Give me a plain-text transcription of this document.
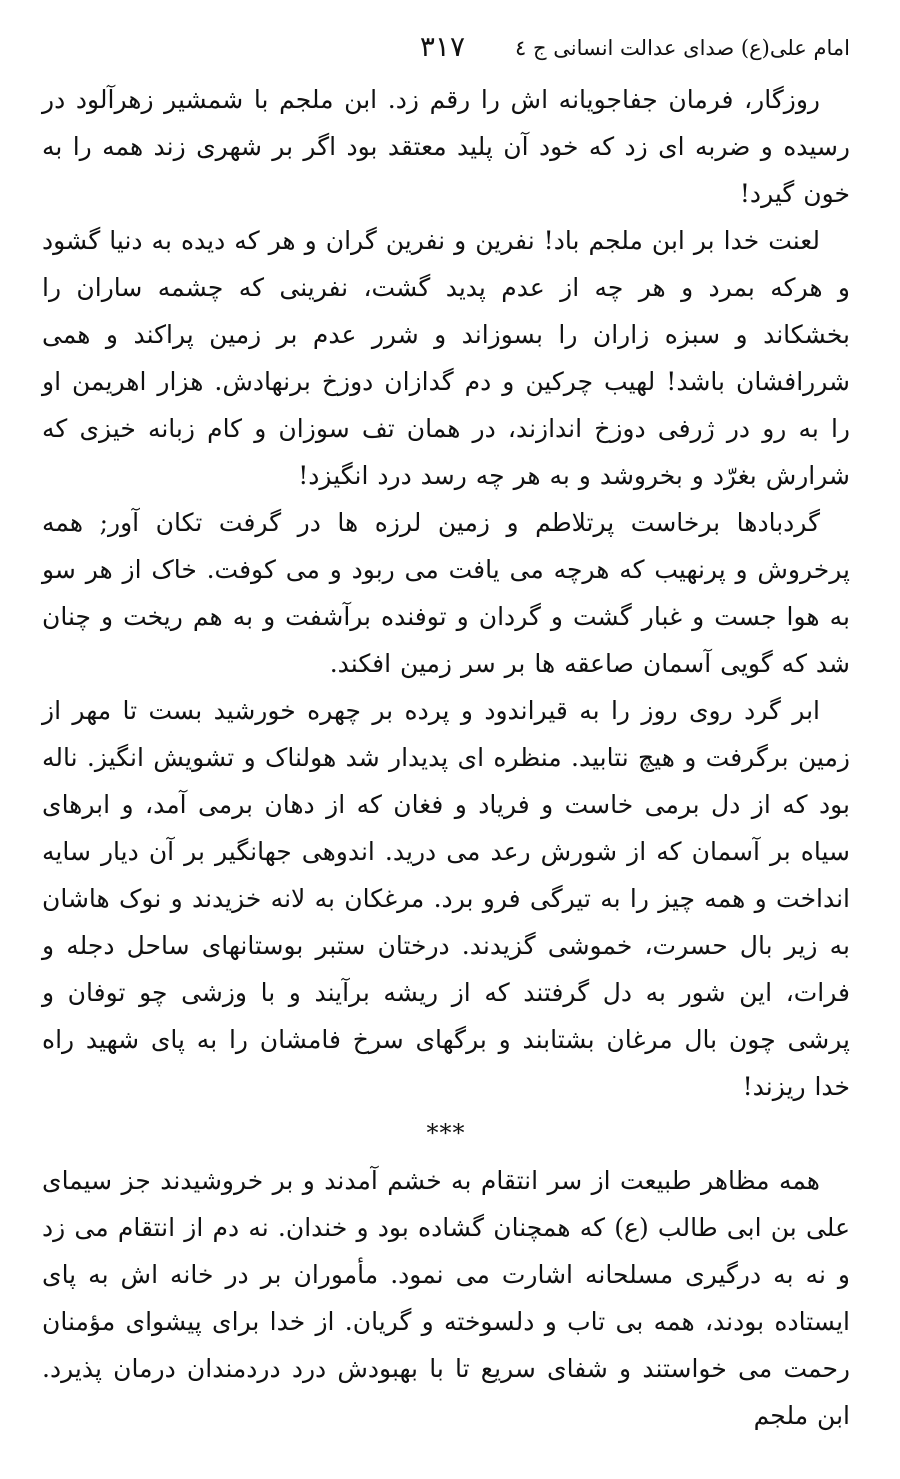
امام علی(ع) صدای عدالت انسانی ج ٤
٣١٧

روزگار، فرمان جفاجویانه اش را رقم زد. ابن ملجم با شمشیر زهرآلود در رسیده و ضربه ای زد که خود آن پلید معتقد بود اگر بر شهری زند همه را به خون گیرد!

لعنت خدا بر ابن ملجم باد! نفرین و نفرین گران و هر که دیده به دنیا گشود و هرکه بمرد و هر چه از عدم پدید گشت، نفرینی که چشمه ساران را بخشکاند و سبزه زاران را بسوزاند و شرر عدم بر زمین پراکند و همی شررافشان باشد! لهیب چرکین و دم گدازان دوزخ برنهادش. هزار اهریمن او را به رو در ژرفی دوزخ اندازند، در همان تف سوزان و کام زبانه خیزی که شرارش بغرّد و بخروشد و به هر چه رسد درد انگیزد!

گردبادها برخاست پرتلاطم و زمین لرزه ها در گرفت تکان آور; همه پرخروش و پرنهیب که هرچه می یافت می ربود و می کوفت. خاک از هر سو به هوا جست و غبار گشت و گردان و توفنده برآشفت و به هم ریخت و چنان شد که گویی آسمان صاعقه ها بر سر زمین افکند.

ابر گرد روی روز را به قیراندود و پرده بر چهره خورشید بست تا مهر از زمین برگرفت و هیچ نتابید. منظره ای پدیدار شد هولناک و تشویش انگیز. ناله بود که از دل برمی خاست و فریاد و فغان که از دهان برمی آمد، و ابرهای سیاه بر آسمان که از شورش رعد می درید. اندوهی جهانگیر بر آن دیار سایه انداخت و همه چیز را به تیرگی فرو برد. مرغکان به لانه خزیدند و نوک هاشان به زیر بال حسرت، خموشی گزیدند. درختان ستبر بوستانهای ساحل دجله و فرات، این شور به دل گرفتند که از ریشه برآیند و با وزشی چو توفان و پرشی چون بال مرغان بشتابند و برگهای سرخ فامشان را به پای شهید راه خدا ریزند!

***

همه مظاهر طبیعت از سر انتقام به خشم آمدند و بر خروشیدند جز سیمای علی بن ابی طالب (ع) که همچنان گشاده بود و خندان. نه دم از انتقام می زد و نه به درگیری مسلحانه اشارت می نمود. مأموران بر در خانه اش به پای ایستاده بودند، همه بی تاب و دلسوخته و گریان. از خدا برای پیشوای مؤمنان رحمت می خواستند و شفای سریع تا با بهبودش درد دردمندان درمان پذیرد. ابن ملجم
